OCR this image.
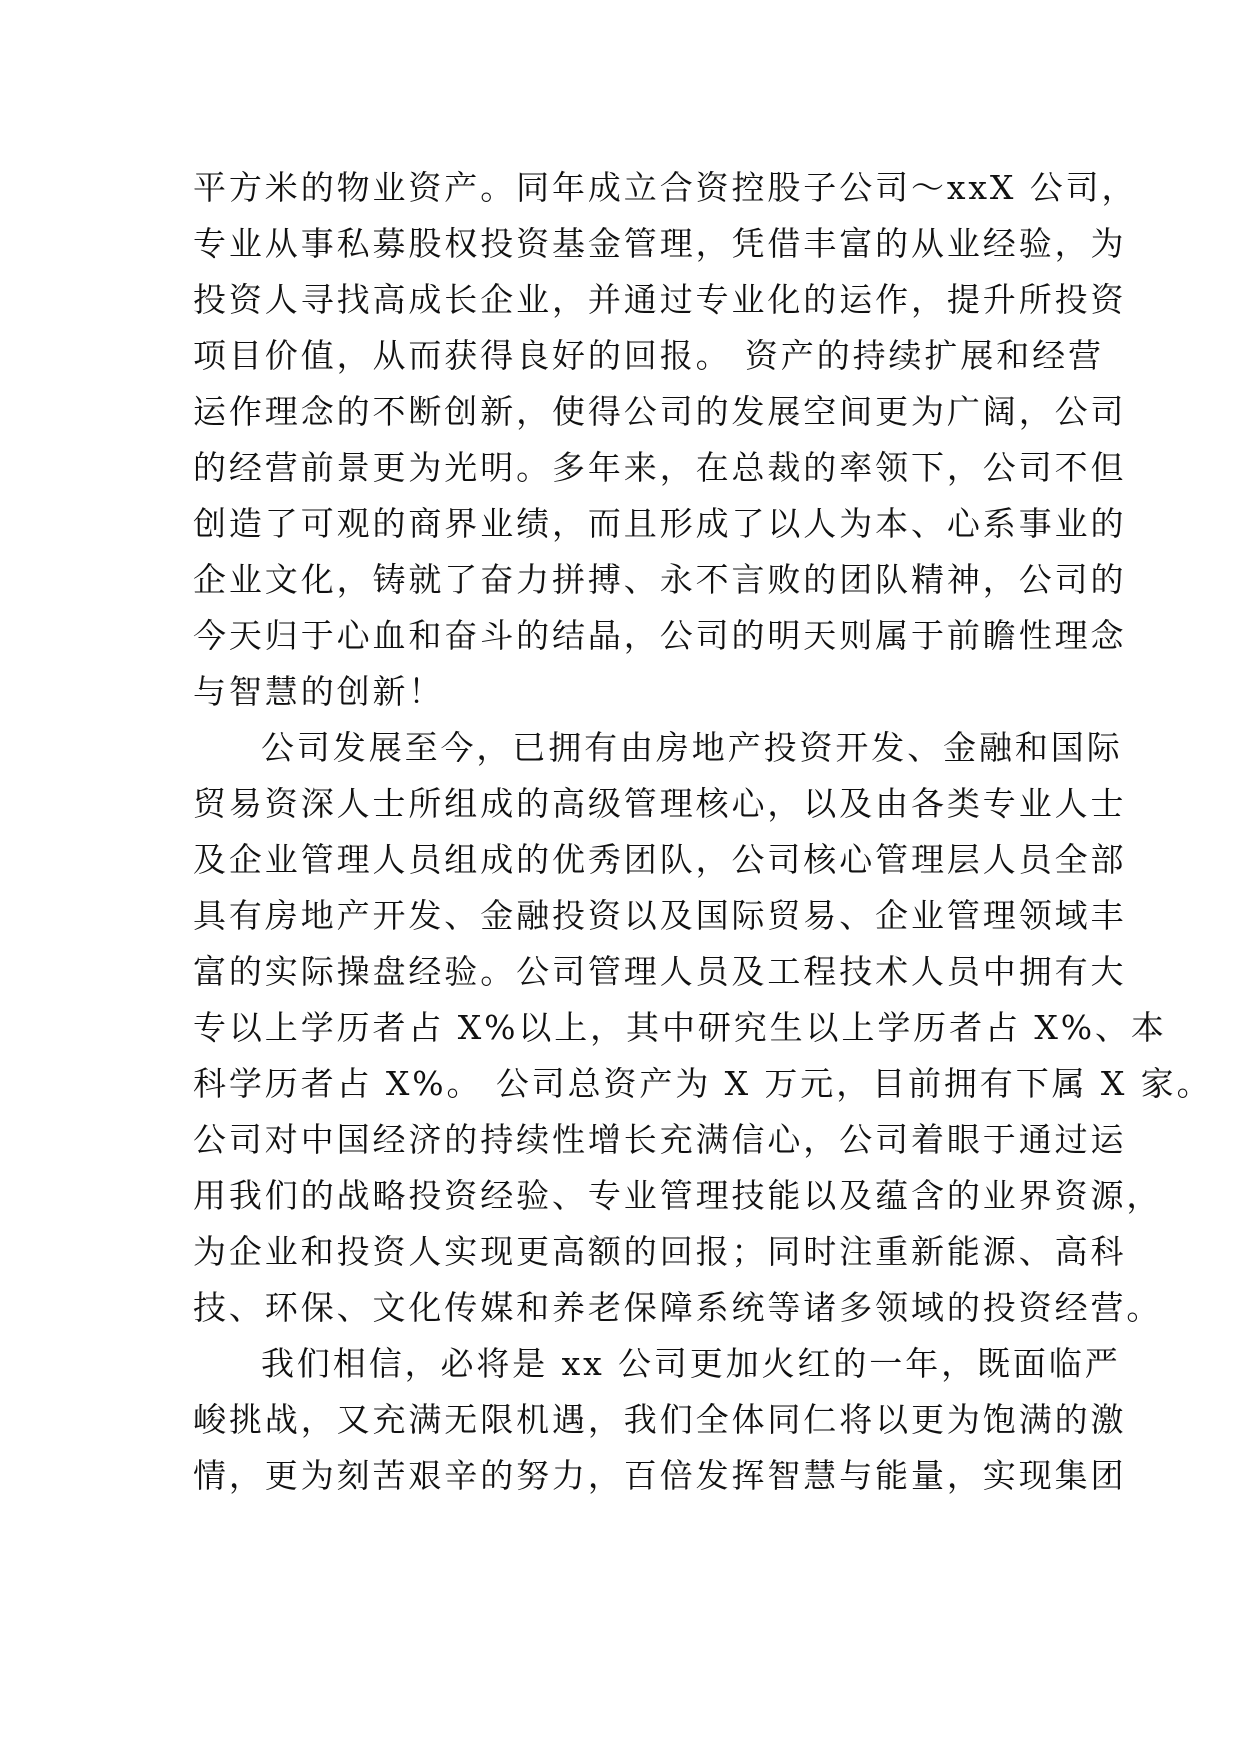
平方米的物业资产。同年成立合资控股子公司～xxX 公司，
专业从事私募股权投资基金管理，凭借丰富的从业经验，为
投资人寻找高成长企业，并通过专业化的运作，提升所投资
项目价值，从而获得良好的回报。 资产的持续扩展和经营
运作理念的不断创新，使得公司的发展空间更为广阔，公司
的经营前景更为光明。多年来，在总裁的率领下，公司不但
创造了可观的商界业绩，而且形成了以人为本、心系事业的
企业文化，铸就了奋力拼搏、永不言败的团队精神，公司的
今天归于心血和奋斗的结晶，公司的明天则属于前瞻性理念
与智慧的创新！
公司发展至今，已拥有由房地产投资开发、金融和国际
贸易资深人士所组成的高级管理核心，以及由各类专业人士
及企业管理人员组成的优秀团队，公司核心管理层人员全部
具有房地产开发、金融投资以及国际贸易、企业管理领域丰
富的实际操盘经验。公司管理人员及工程技术人员中拥有大
专以上学历者占 X%以上，其中研究生以上学历者占 X%、本
科学历者占 X%。 公司总资产为 X 万元，目前拥有下属 X 家。
公司对中国经济的持续性增长充满信心，公司着眼于通过运
用我们的战略投资经验、专业管理技能以及蕴含的业界资源，
为企业和投资人实现更高额的回报；同时注重新能源、高科
技、环保、文化传媒和养老保障系统等诸多领域的投资经营。
我们相信，必将是 xx 公司更加火红的一年，既面临严
峻挑战，又充满无限机遇，我们全体同仁将以更为饱满的激
情，更为刻苦艰辛的努力，百倍发挥智慧与能量，实现集团
